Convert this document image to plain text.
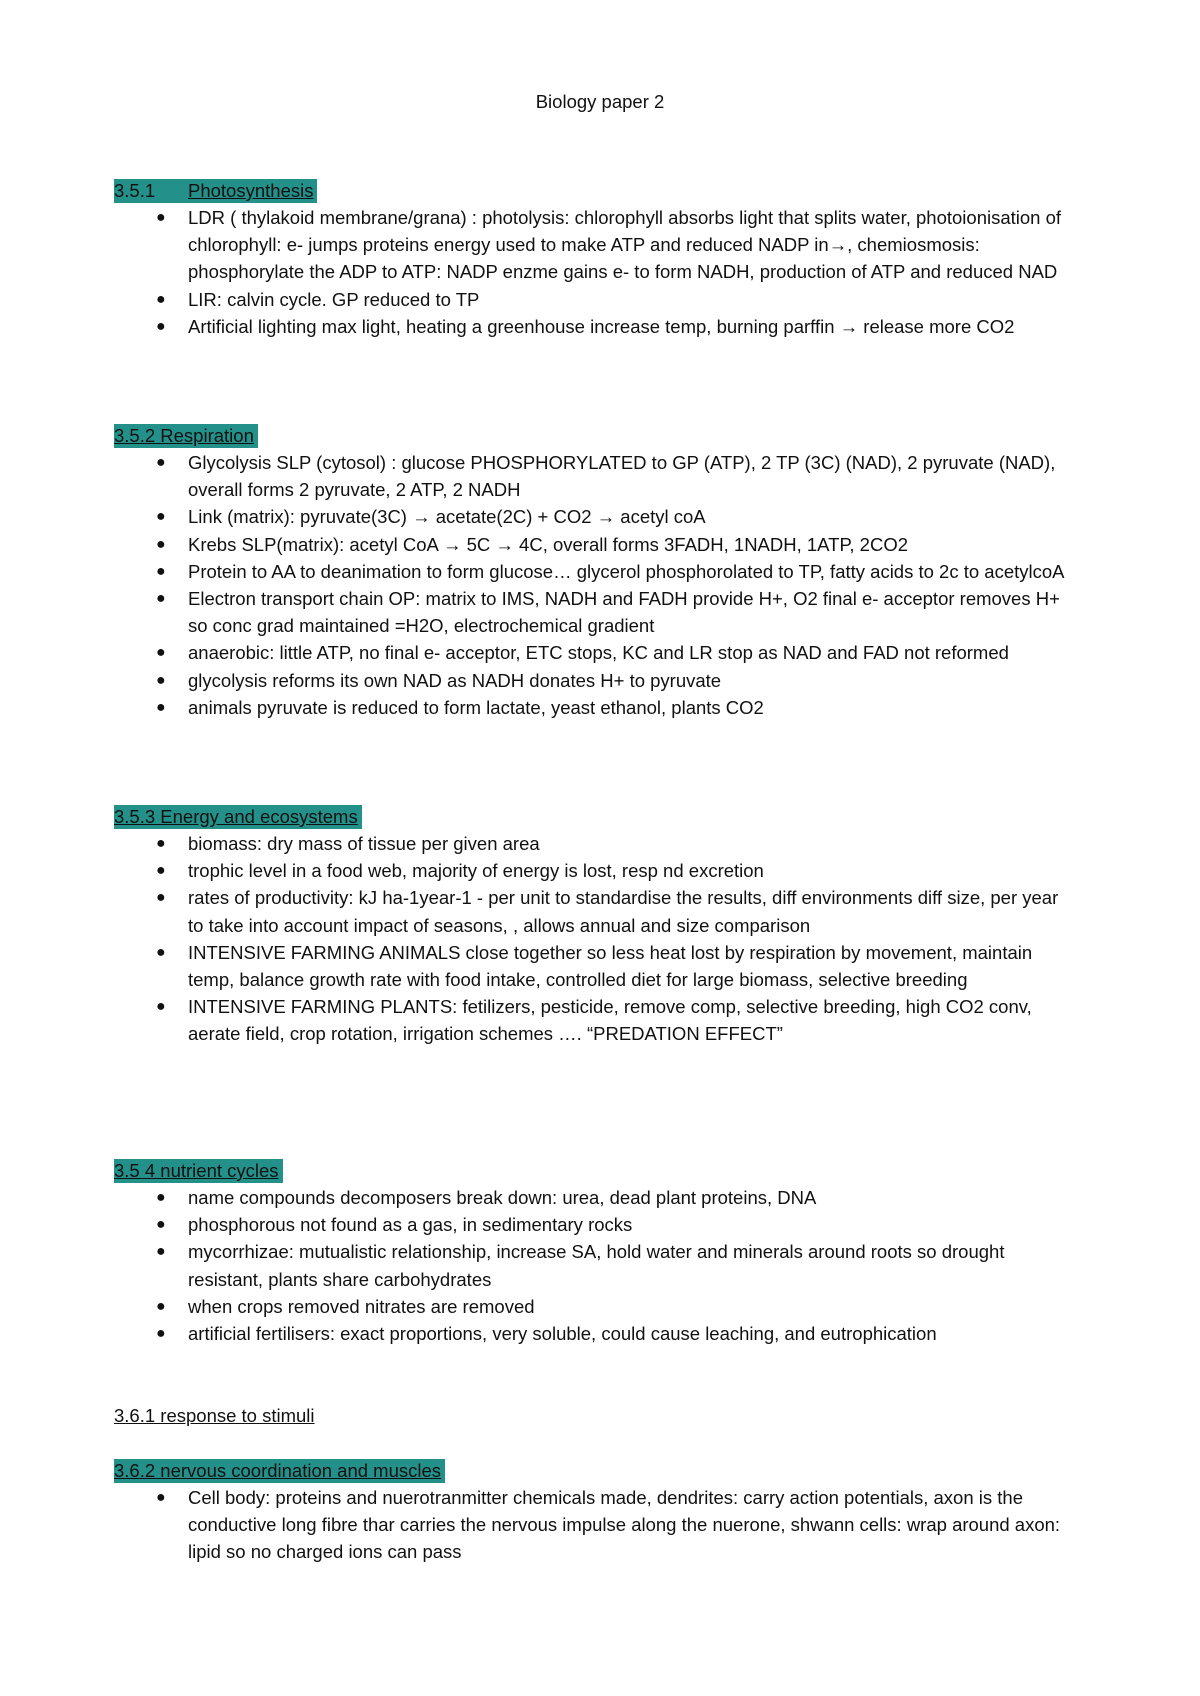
Biology paper 2
3.5.1 Photosynthesis
● LDR ( thylakoid membrane/grana) : photolysis: chlorophyll absorbs light that splits water, photoionisation of chlorophyll: e- jumps proteins energy used to make ATP and reduced NADP in→, chemiosmosis: phosphorylate the ADP to ATP: NADP enzme gains e- to form NADH, production of ATP and reduced NAD
● LIR: calvin cycle. GP reduced to TP
● Artificial lighting max light, heating a greenhouse increase temp, burning parffin → release more CO2
3.5.2 Respiration
● Glycolysis SLP (cytosol) : glucose PHOSPHORYLATED to GP (ATP), 2 TP (3C) (NAD), 2 pyruvate (NAD), overall forms 2 pyruvate, 2 ATP, 2 NADH
● Link (matrix): pyruvate(3C) → acetate(2C) + CO2 → acetyl coA
● Krebs SLP(matrix): acetyl CoA → 5C → 4C, overall forms 3FADH, 1NADH, 1ATP, 2CO2
● Protein to AA to deanimation to form glucose… glycerol phosphorolated to TP, fatty acids to 2c to acetylcoA
● Electron transport chain OP: matrix to IMS, NADH and FADH provide H+, O2 final e- acceptor removes H+ so conc grad maintained =H2O, electrochemical gradient
● anaerobic: little ATP, no final e- acceptor, ETC stops, KC and LR stop as NAD and FAD not reformed
● glycolysis reforms its own NAD as NADH donates H+ to pyruvate
● animals pyruvate is reduced to form lactate, yeast ethanol, plants CO2
3.5.3 Energy and ecosystems
● biomass: dry mass of tissue per given area
● trophic level in a food web, majority of energy is lost, resp nd excretion
● rates of productivity: kJ ha-1year-1 - per unit to standardise the results, diff environments diff size, per year to take into account impact of seasons, , allows annual and size comparison
● INTENSIVE FARMING ANIMALS close together so less heat lost by respiration by movement, maintain temp, balance growth rate with food intake, controlled diet for large biomass, selective breeding
● INTENSIVE FARMING PLANTS: fetilizers, pesticide, remove comp, selective breeding, high CO2 conv, aerate field, crop rotation, irrigation schemes …. “PREDATION EFFECT”
3.5 4 nutrient cycles
● name compounds decomposers break down: urea, dead plant proteins, DNA
● phosphorous not found as a gas, in sedimentary rocks
● mycorrhizae: mutualistic relationship, increase SA, hold water and minerals around roots so drought resistant, plants share carbohydrates
● when crops removed nitrates are removed
● artificial fertilisers: exact proportions, very soluble, could cause leaching, and eutrophication
3.6.1 response to stimuli
3.6.2 nervous coordination and muscles
● Cell body: proteins and nuerotranmitter chemicals made, dendrites: carry action potentials, axon is the conductive long fibre thar carries the nervous impulse along the nuerone, shwann cells: wrap around axon: lipid so no charged ions can pass
